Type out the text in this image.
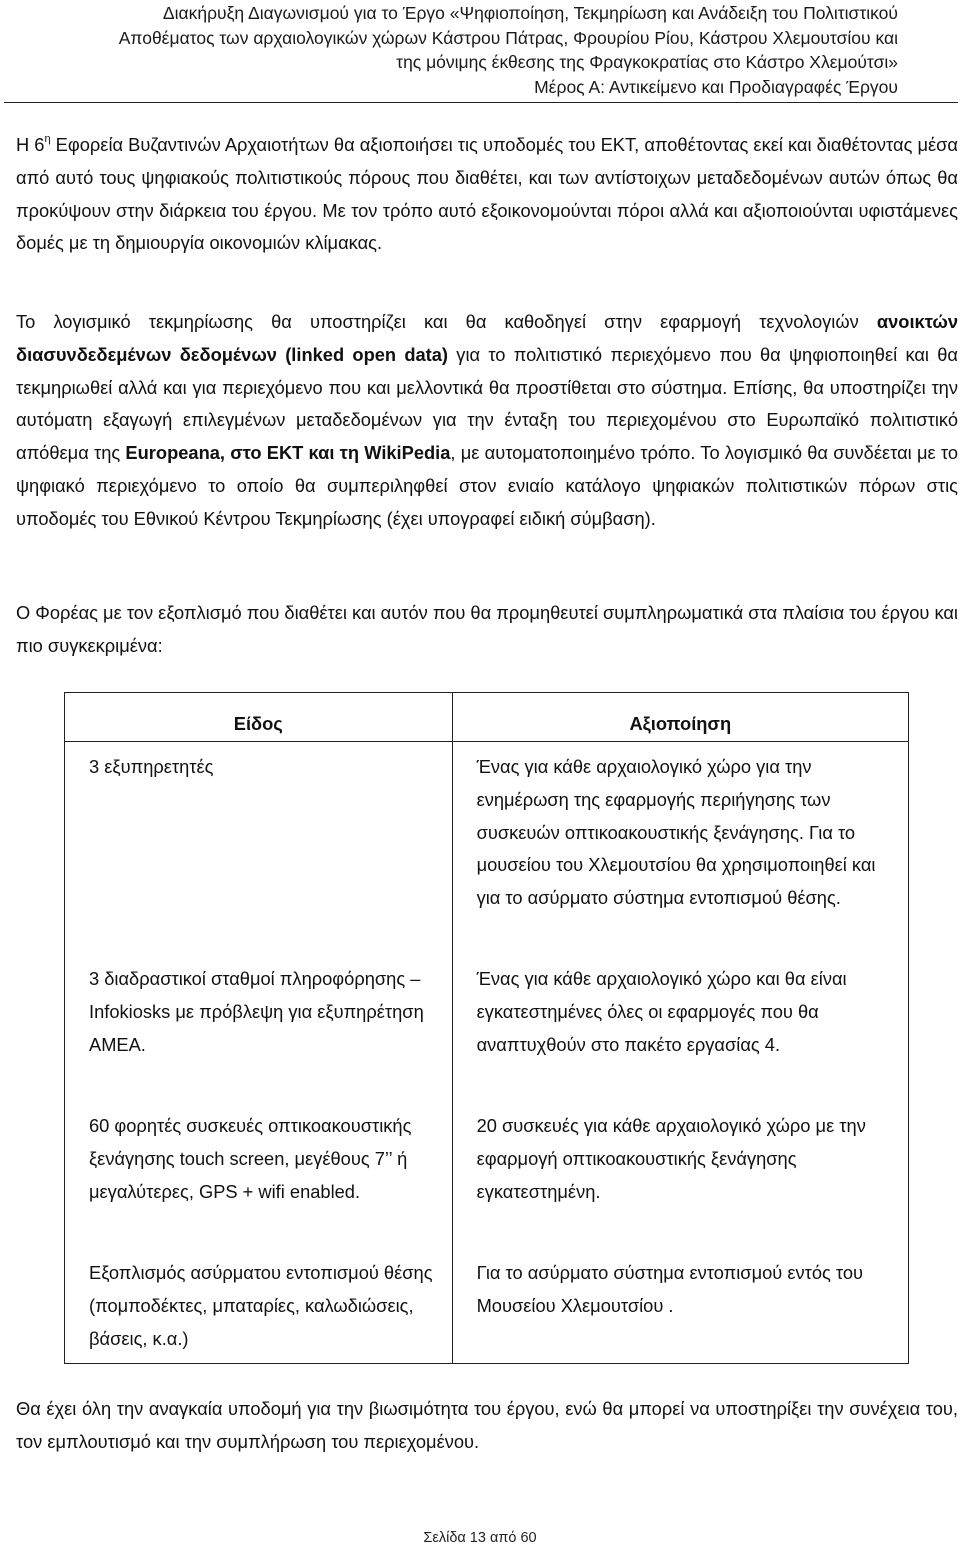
Διακήρυξη Διαγωνισμού για το Έργο «Ψηφιοποίηση, Τεκμηρίωση και Ανάδειξη του Πολιτιστικού
Αποθέματος των αρχαιολογικών χώρων Κάστρου Πάτρας, Φρουρίου Ρίου, Κάστρου Χλεμουτσίου και
της μόνιμης έκθεσης της Φραγκοκρατίας στο Κάστρο Χλεμούτσι»
Μέρος Α: Αντικείμενο και Προδιαγραφές Έργου
Η $6^\eta$ Εφορεία Βυζαντινών Αρχαιοτήτων θα αξιοποιήσει τις υποδομές του ΕΚΤ, αποθέτοντας εκεί και διαθέτοντας μέσα από αυτό τους ψηφιακούς πολιτιστικούς πόρους που διαθέτει, και των αντίστοιχων μεταδεδομένων αυτών όπως θα προκύψουν στην διάρκεια του έργου. Με τον τρόπο αυτό εξοικονομούνται πόροι αλλά και αξιοποιούνται υφιστάμενες δομές με τη δημιουργία οικονομιών κλίμακας.
Το λογισμικό τεκμηρίωσης θα υποστηρίζει και θα καθοδηγεί στην εφαρμογή τεχνολογιών ανοικτών διασυνδεδεμένων δεδομένων (linked open data) για το πολιτιστικό περιεχόμενο που θα ψηφιοποιηθεί και θα τεκμηριωθεί αλλά και για περιεχόμενο που και μελλοντικά θα προστίθεται στο σύστημα. Επίσης, θα υποστηρίζει την αυτόματη εξαγωγή επιλεγμένων μεταδεδομένων για την ένταξη του περιεχομένου στο Ευρωπαϊκό πολιτιστικό απόθεμα της Europeana, στο ΕΚΤ και τη WikiPedia, με αυτοματοποιημένο τρόπο. Το λογισμικό θα συνδέεται με το ψηφιακό περιεχόμενο το οποίο θα συμπεριληφθεί στον ενιαίο κατάλογο ψηφιακών πολιτιστικών πόρων στις υποδομές του Εθνικού Κέντρου Τεκμηρίωσης (έχει υπογραφεί ειδική σύμβαση).
Ο Φορέας με τον εξοπλισμό που διαθέτει και αυτόν που θα προμηθευτεί συμπληρωματικά στα πλαίσια του έργου και πιο συγκεκριμένα:
Είδος	Αξιοποίηση
3 εξυπηρετητές	Ένας για κάθε αρχαιολογικό χώρο για την ενημέρωση της εφαρμογής περιήγησης των συσκευών οπτικοακουστικής ξενάγησης. Για το μουσείου του Χλεμουτσίου θα χρησιμοποιηθεί και για το ασύρματο σύστημα εντοπισμού θέσης.
3 διαδραστικοί σταθμοί πληροφόρησης – Infokiosks με πρόβλεψη για εξυπηρέτηση ΑΜΕΑ.	Ένας για κάθε αρχαιολογικό χώρο και θα είναι εγκατεστημένες όλες οι εφαρμογές που θα αναπτυχθούν στο πακέτο εργασίας 4.
60 φορητές συσκευές οπτικοακουστικής ξενάγησης touch screen, μεγέθους 7’’ ή μεγαλύτερες, GPS + wifi enabled.	20 συσκευές για κάθε αρχαιολογικό χώρο με την εφαρμογή οπτικοακουστικής ξενάγησης εγκατεστημένη.
Εξοπλισμός ασύρματου εντοπισμού θέσης (πομποδέκτες, μπαταρίες, καλωδιώσεις, βάσεις, κ.α.)	Για το ασύρματο σύστημα εντοπισμού εντός του Μουσείου Χλεμουτσίου .
Θα έχει όλη την αναγκαία υποδομή για την βιωσιμότητα του έργου, ενώ θα μπορεί να υποστηρίξει την συνέχεια του, τον εμπλουτισμό και την συμπλήρωση του περιεχομένου.
Σελίδα 13 από 60
